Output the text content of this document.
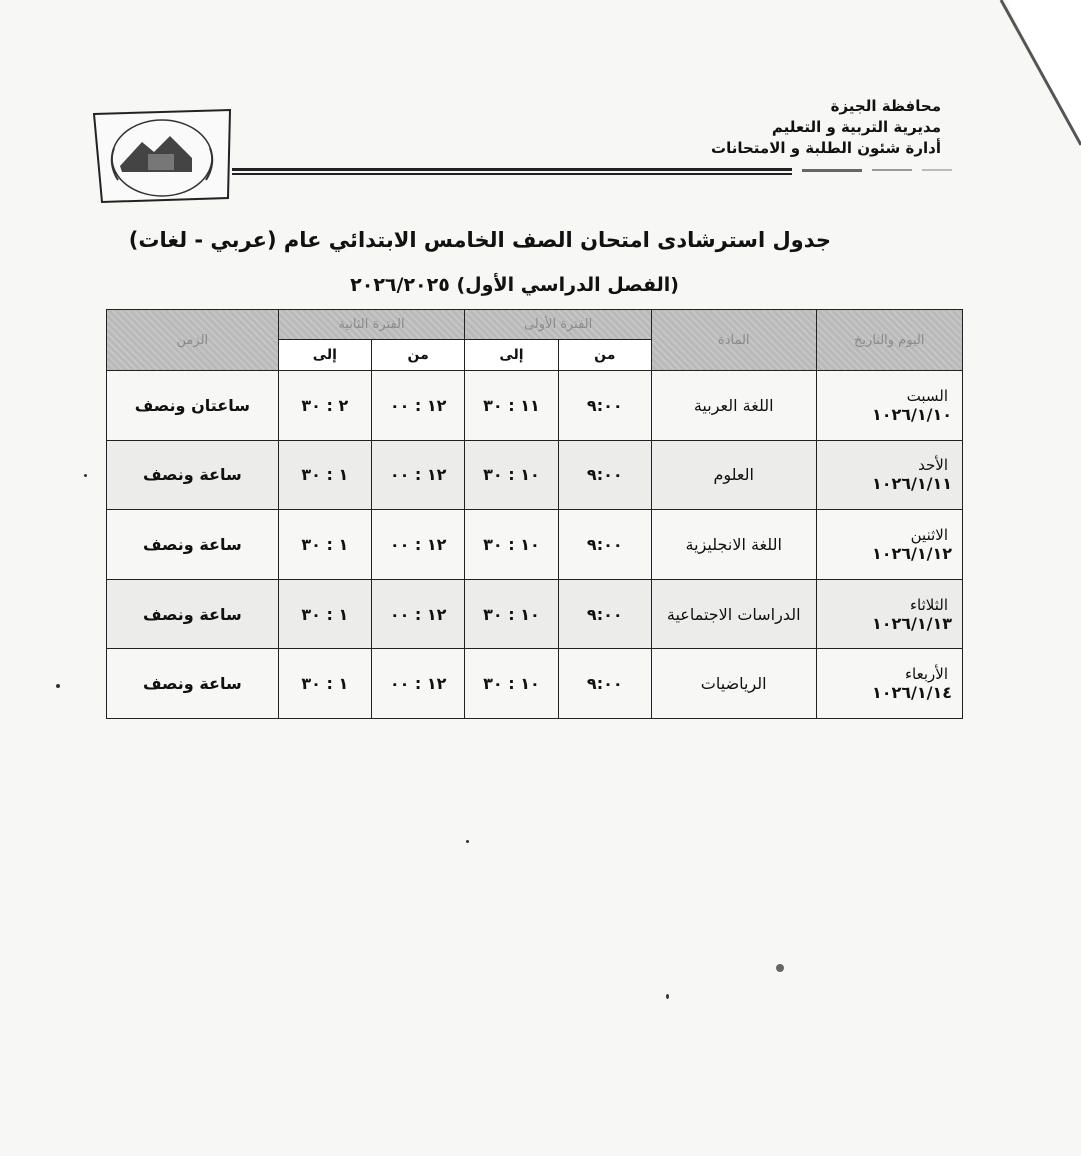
محافظة الجيزة
مديرية التربية و التعليم
أدارة شئون الطلبة و الامتحانات
جدول استرشادى امتحان الصف الخامس الابتدائي عام (عربي - لغات)
(الفصل الدراسي الأول) ٢٠٢٦/٢٠٢٥
اليوم والتاريخ	المادة	الفترة الأولى		الفترة الثانية		الزمن
		من	إلى	من	إلى	

السبت
١٠٢٦/١/١٠	اللغة العربية	٩:٠٠	١١ : ٣٠	١٢ : ٠٠	٢ : ٣٠	ساعتان ونصف

الأحد
١٠٢٦/١/١١	العلوم	٩:٠٠	١٠ : ٣٠	١٢ : ٠٠	١ : ٣٠	ساعة ونصف

الاثنين
١٠٢٦/١/١٢	اللغة الانجليزية	٩:٠٠	١٠ : ٣٠	١٢ : ٠٠	١ : ٣٠	ساعة ونصف

الثلاثاء
١٠٢٦/١/١٣	الدراسات الاجتماعية	٩:٠٠	١٠ : ٣٠	١٢ : ٠٠	١ : ٣٠	ساعة ونصف

الأربعاء
١٠٢٦/١/١٤	الرياضيات	٩:٠٠	١٠ : ٣٠	١٢ : ٠٠	١ : ٣٠	ساعة ونصف
